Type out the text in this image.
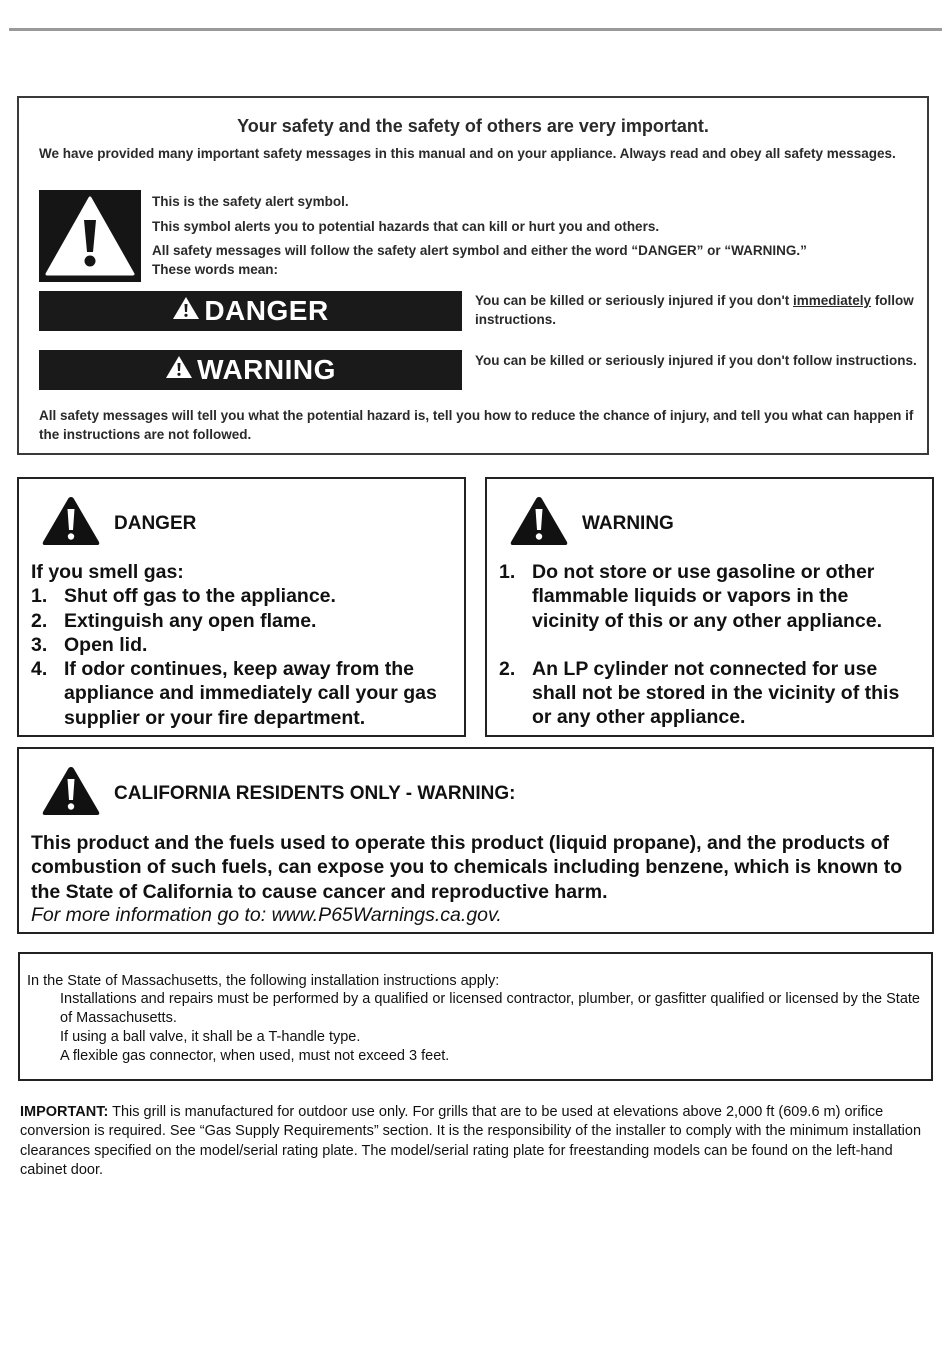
Your safety and the safety of others are very important.
We have provided many important safety messages in this manual and on your appliance. Always read and obey all safety messages.
This is the safety alert symbol.
This symbol alerts you to potential hazards that can kill or hurt you and others.
All safety messages will follow the safety alert symbol and either the word “DANGER” or “WARNING.”
These words mean:
DANGER	You can be killed or seriously injured if you don't immediately follow instructions.
WARNING	You can be killed or seriously injured if you don't follow instructions.
All safety messages will tell you what the potential hazard is, tell you how to reduce the chance of injury, and tell you what can happen if the instructions are not followed.
DANGER
If you smell gas:
1. Shut off gas to the appliance.
2. Extinguish any open flame.
3. Open lid.
4. If odor continues, keep away from the appliance and immediately call your gas supplier or your fire department.
WARNING
1. Do not store or use gasoline or other flammable liquids or vapors in the vicinity of this or any other appliance.
2. An LP cylinder not connected for use shall not be stored in the vicinity of this or any other appliance.
CALIFORNIA RESIDENTS ONLY - WARNING:
This product and the fuels used to operate this product (liquid propane), and the products of combustion of such fuels, can expose you to chemicals including benzene, which is known to the State of California to cause cancer and reproductive harm.
For more information go to: www.P65Warnings.ca.gov.
In the State of Massachusetts, the following installation instructions apply:
Installations and repairs must be performed by a qualified or licensed contractor, plumber, or gasfitter qualified or licensed by the State of Massachusetts.
If using a ball valve, it shall be a T-handle type.
A flexible gas connector, when used, must not exceed 3 feet.
IMPORTANT: This grill is manufactured for outdoor use only. For grills that are to be used at elevations above 2,000 ft (609.6 m) orifice conversion is required. See “Gas Supply Requirements” section. It is the responsibility of the installer to comply with the minimum installation clearances specified on the model/serial rating plate. The model/serial rating plate for freestanding models can be found on the left-hand cabinet door.
